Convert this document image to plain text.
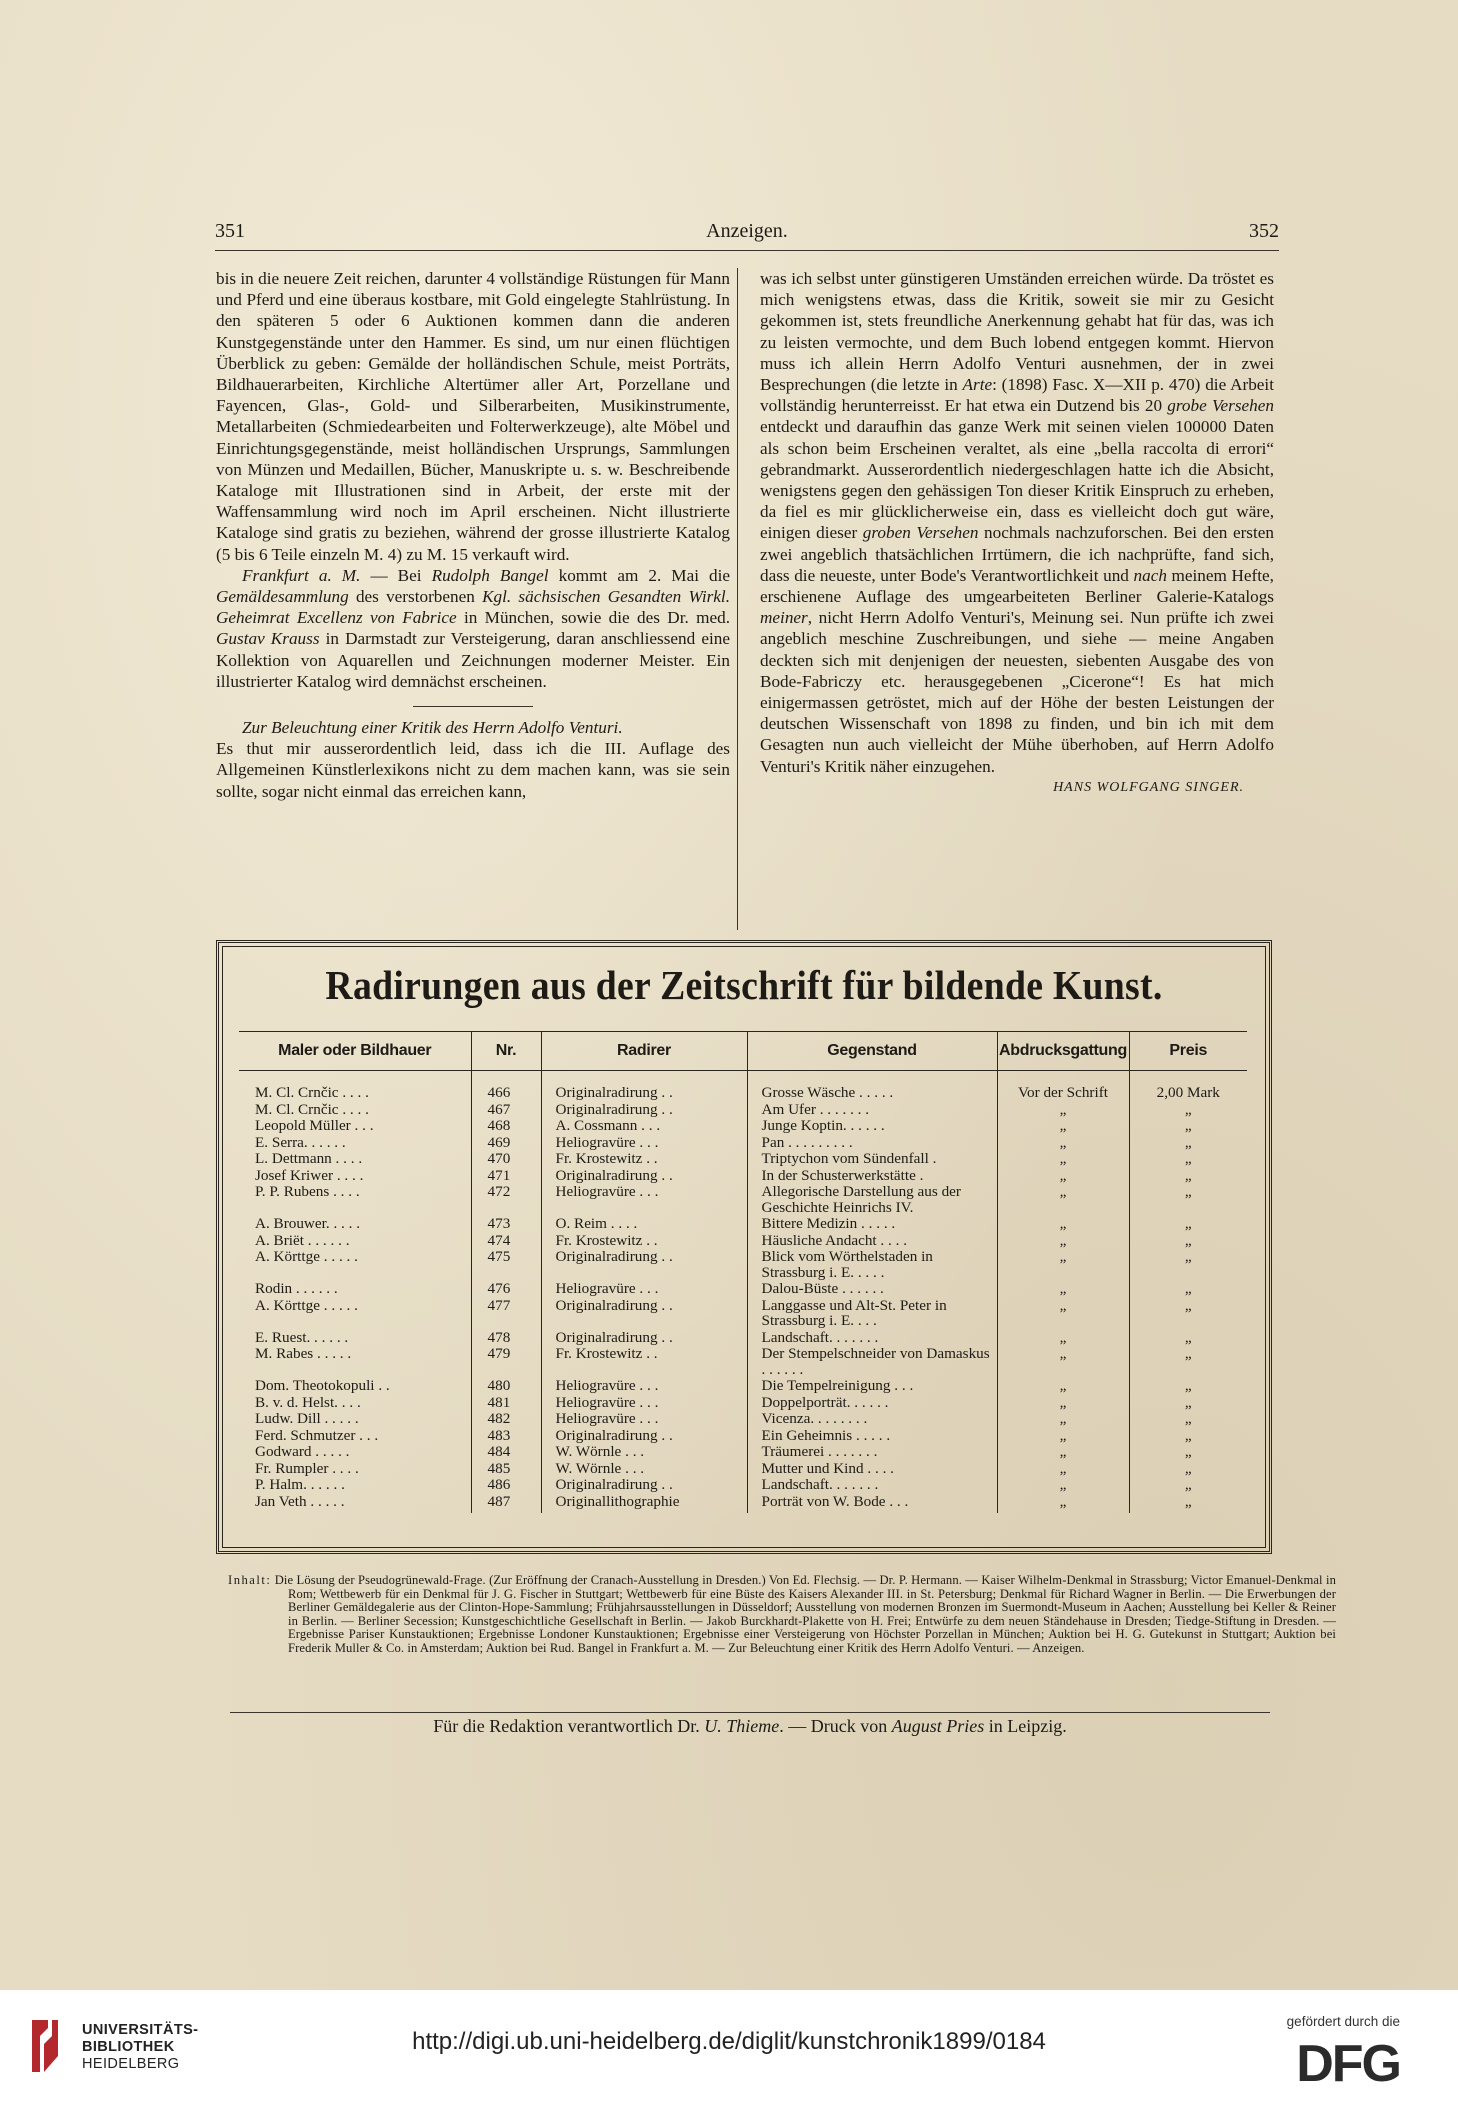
351	Anzeigen.	352

bis in die neuere Zeit reichen, darunter 4 vollständige Rüstungen für Mann und Pferd und eine überaus kostbare, mit Gold eingelegte Stahlrüstung. In den späteren 5 oder 6 Auktionen kommen dann die anderen Kunstgegenstände unter den Hammer. Es sind, um nur einen flüchtigen Überblick zu geben: Gemälde der holländischen Schule, meist Porträts, Bildhauerarbeiten, Kirchliche Altertümer aller Art, Porzellane und Fayencen, Glas-, Gold- und Silberarbeiten, Musikinstrumente, Metallarbeiten (Schmiedearbeiten und Folterwerkzeuge), alte Möbel und Einrichtungsgegenstände, meist holländischen Ursprungs, Sammlungen von Münzen und Medaillen, Bücher, Manuskripte u. s. w. Beschreibende Kataloge mit Illustrationen sind in Arbeit, der erste mit der Waffensammlung wird noch im April erscheinen. Nicht illustrierte Kataloge sind gratis zu beziehen, während der grosse illustrierte Katalog (5 bis 6 Teile einzeln M. 4) zu M. 15 verkauft wird.

Frankfurt a. M. — Bei Rudolph Bangel kommt am 2. Mai die Gemäldesammlung des verstorbenen Kgl. sächsischen Gesandten Wirkl. Geheimrat Excellenz von Fabrice in München, sowie die des Dr. med. Gustav Krauss in Darmstadt zur Versteigerung, daran anschliessend eine Kollektion von Aquarellen und Zeichnungen moderner Meister. Ein illustrierter Katalog wird demnächst erscheinen.

Zur Beleuchtung einer Kritik des Herrn Adolfo Venturi.

Es thut mir ausserordentlich leid, dass ich die III. Auflage des Allgemeinen Künstlerlexikons nicht zu dem machen kann, was sie sein sollte, sogar nicht einmal das erreichen kann,

was ich selbst unter günstigeren Umständen erreichen würde. Da tröstet es mich wenigstens etwas, dass die Kritik, soweit sie mir zu Gesicht gekommen ist, stets freundliche Anerkennung gehabt hat für das, was ich zu leisten vermochte, und dem Buch lobend entgegen kommt. Hiervon muss ich allein Herrn Adolfo Venturi ausnehmen, der in zwei Besprechungen (die letzte in Arte: (1898) Fasc. X—XII p. 470) die Arbeit vollständig herunterreisst. Er hat etwa ein Dutzend bis 20 grobe Versehen entdeckt und daraufhin das ganze Werk mit seinen vielen 100000 Daten als schon beim Erscheinen veraltet, als eine „bella raccolta di errori“ gebrandmarkt. Ausserordentlich niedergeschlagen hatte ich die Absicht, wenigstens gegen den gehässigen Ton dieser Kritik Einspruch zu erheben, da fiel es mir glücklicherweise ein, dass es vielleicht doch gut wäre, einigen dieser groben Versehen nochmals nachzuforschen. Bei den ersten zwei angeblich thatsächlichen Irrtümern, die ich nachprüfte, fand sich, dass die neueste, unter Bode's Verantwortlichkeit und nach meinem Hefte, erschienene Auflage des umgearbeiteten Berliner Galerie-Katalogs meiner, nicht Herrn Adolfo Venturi's, Meinung sei. Nun prüfte ich zwei angeblich meschine Zuschreibungen, und siehe — meine Angaben deckten sich mit denjenigen der neuesten, siebenten Ausgabe des von Bode-Fabriczy etc. herausgegebenen „Cicerone“! Es hat mich einigermassen getröstet, mich auf der Höhe der besten Leistungen der deutschen Wissenschaft von 1898 zu finden, und bin ich mit dem Gesagten nun auch vielleicht der Mühe überhoben, auf Herrn Adolfo Venturi's Kritik näher einzugehen.

HANS WOLFGANG SINGER.

Radirungen aus der Zeitschrift für bildende Kunst.
Maler oder Bildhauer	Nr.	Radirer	Gegenstand	Abdrucksgattung	Preis
M. Cl. Crnčic . . . .	466	Originalradirung . .	Grosse Wäsche . . . . .	Vor der Schrift	2,00 Mark
M. Cl. Crnčic . . . .	467	Originalradirung . .	Am Ufer . . . . . . .	„	„
Leopold Müller . . .	468	A. Cossmann . . .	Junge Koptin. . . . . .	„	„
E. Serra. . . . . .	469	Heliogravüre . . .	Pan . . . . . . . . .	„	„
L. Dettmann . . . .	470	Fr. Krostewitz . .	Triptychon vom Sündenfall .	„	„
Josef Kriwer . . . .	471	Originalradirung . .	In der Schusterwerkstätte .	„	„
P. P. Rubens . . . .	472	Heliogravüre . . .	Allegorische Darstellung aus der Geschichte Heinrichs IV.	„	„
A. Brouwer. . . . .	473	O. Reim . . . .	Bittere Medizin . . . . .	„	„
A. Briët . . . . . .	474	Fr. Krostewitz . .	Häusliche Andacht . . . .	„	„
A. Körttge . . . . .	475	Originalradirung . .	Blick vom Wörthelstaden in Strassburg i. E. . . . .	„	„
Rodin . . . . . .	476	Heliogravüre . . .	Dalou-Büste . . . . . .	„	„
A. Körttge . . . . .	477	Originalradirung . .	Langgasse und Alt-St. Peter in Strassburg i. E. . . .	„	„
E. Ruest. . . . . .	478	Originalradirung . .	Landschaft. . . . . . .	„	„
M. Rabes . . . . .	479	Fr. Krostewitz . .	Der Stempelschneider von Damaskus . . . . . .	„	„
Dom. Theotokopuli . .	480	Heliogravüre . . .	Die Tempelreinigung . . .	„	„
B. v. d. Helst. . . .	481	Heliogravüre . . .	Doppelporträt. . . . . .	„	„
Ludw. Dill . . . . .	482	Heliogravüre . . .	Vicenza. . . . . . . .	„	„
Ferd. Schmutzer . . .	483	Originalradirung . .	Ein Geheimnis . . . . .	„	„
Godward . . . . .	484	W. Wörnle . . .	Träumerei . . . . . . .	„	„
Fr. Rumpler . . . .	485	W. Wörnle . . .	Mutter und Kind . . . .	„	„
P. Halm. . . . . .	486	Originalradirung . .	Landschaft. . . . . . .	„	„
Jan Veth . . . . .	487	Originallithographie	Porträt von W. Bode . . .	„	„
Inhalt: Die Lösung der Pseudogrünewald-Frage. (Zur Eröffnung der Cranach-Ausstellung in Dresden.) Von Ed. Flechsig. — Dr. P. Hermann. — Kaiser Wilhelm-Denkmal in Strassburg; Victor Emanuel-Denkmal in Rom; Wettbewerb für ein Denkmal für J. G. Fischer in Stuttgart; Wettbewerb für eine Büste des Kaisers Alexander III. in St. Petersburg; Denkmal für Richard Wagner in Berlin. — Die Erwerbungen der Berliner Gemäldegalerie aus der Clinton-Hope-Sammlung; Frühjahrsausstellungen in Düsseldorf; Ausstellung von modernen Bronzen im Suermondt-Museum in Aachen; Ausstellung bei Keller & Reiner in Berlin. — Berliner Secession; Kunstgeschichtliche Gesellschaft in Berlin. — Jakob Burckhardt-Plakette von H. Frei; Entwürfe zu dem neuen Ständehause in Dresden; Tiedge-Stiftung in Dresden. — Ergebnisse Pariser Kunstauktionen; Ergebnisse Londoner Kunstauktionen; Ergebnisse einer Versteigerung von Höchster Porzellan in München; Auktion bei H. G. Gutekunst in Stuttgart; Auktion bei Frederik Muller & Co. in Amsterdam; Auktion bei Rud. Bangel in Frankfurt a. M. — Zur Beleuchtung einer Kritik des Herrn Adolfo Venturi. — Anzeigen.
Für die Redaktion verantwortlich Dr. U. Thieme. — Druck von August Pries in Leipzig.
UNIVERSITÄTS-
BIBLIOTHEK
HEIDELBERG
http://digi.ub.uni-heidelberg.de/diglit/kunstchronik1899/0184
gefördert durch die
DFG
